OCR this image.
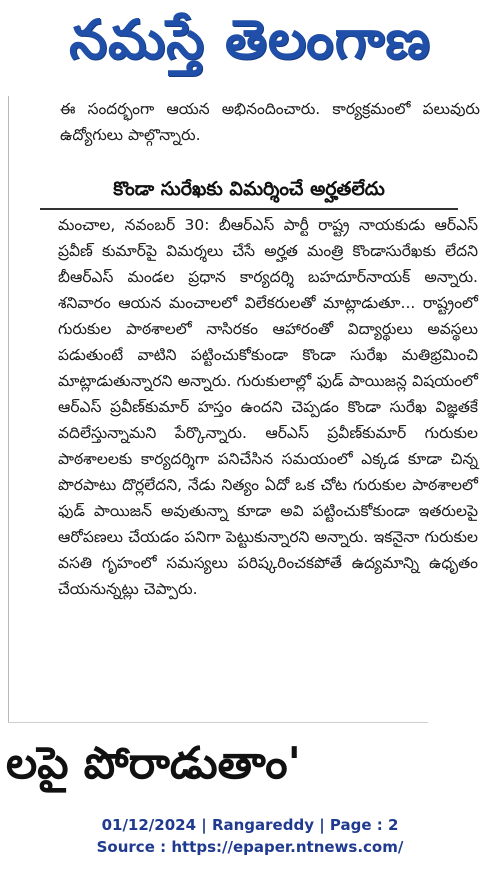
నమస్తే తెలంగాణ
ఈ సందర్భంగా ఆయన అభినందించారు. కార్యక్రమంలో పలువురు ఉద్యోగులు పాల్గొన్నారు.
కొండా సురేఖకు విమర్శించే అర్హతలేదు

మంచాల, నవంబర్ 30: బీఆర్ఎస్ పార్టీ రాష్ట్ర నాయకుడు ఆర్ఎస్ ప్రవీణ్ కుమార్‌పై విమర్శలు చేసే అర్హత మంత్రి కొండాసురేఖకు లేదని బీఆర్ఎస్ మండల ప్రధాన కార్యదర్శి బహదూర్‌నాయక్ అన్నారు. శనివారం ఆయన మంచాలలో విలేకరులతో మాట్లాడుతూ... రాష్ట్రంలో గురుకుల పాఠశాలలో నాసిరకం ఆహారంతో విద్యార్థులు అవస్థలు పడుతుంటే వాటిని పట్టించుకోకుండా కొండా సురేఖ మతిభ్రమించి మాట్లాడుతున్నారని అన్నారు. గురుకులాల్లో ఫుడ్ పాయిజన్ల విషయంలో ఆర్ఎస్ ప్రవీణ్‌కుమార్ హస్తం ఉందని చెప్పడం కొండా సురేఖ విజ్ఞతకే వదిలేస్తున్నామని పేర్కొన్నారు. ఆర్ఎస్ ప్రవీణ్‌కుమార్ గురుకుల పాఠశాలలకు కార్యదర్శిగా పనిచేసిన సమయంలో ఎక్కడ కూడా చిన్న పొరపాటు దొర్లలేదని, నేడు నిత్యం ఏదో ఒక చోట గురుకుల పాఠశాలలో ఫుడ్ పాయిజన్ అవుతున్నా కూడా అవి పట్టించుకోకుండా ఇతరులపై ఆరోపణలు చేయడం పనిగా పెట్టుకున్నారని అన్నారు. ఇకనైనా గురుకుల వసతి గృహంలో సమస్యలు పరిష్కరించకపోతే ఉద్యమాన్ని ఉధృతం చేయనున్నట్లు చెప్పారు.

లపై పోరాడుతాం'
01/12/2024 | Rangareddy | Page : 2
Source : https://epaper.ntnews.com/
